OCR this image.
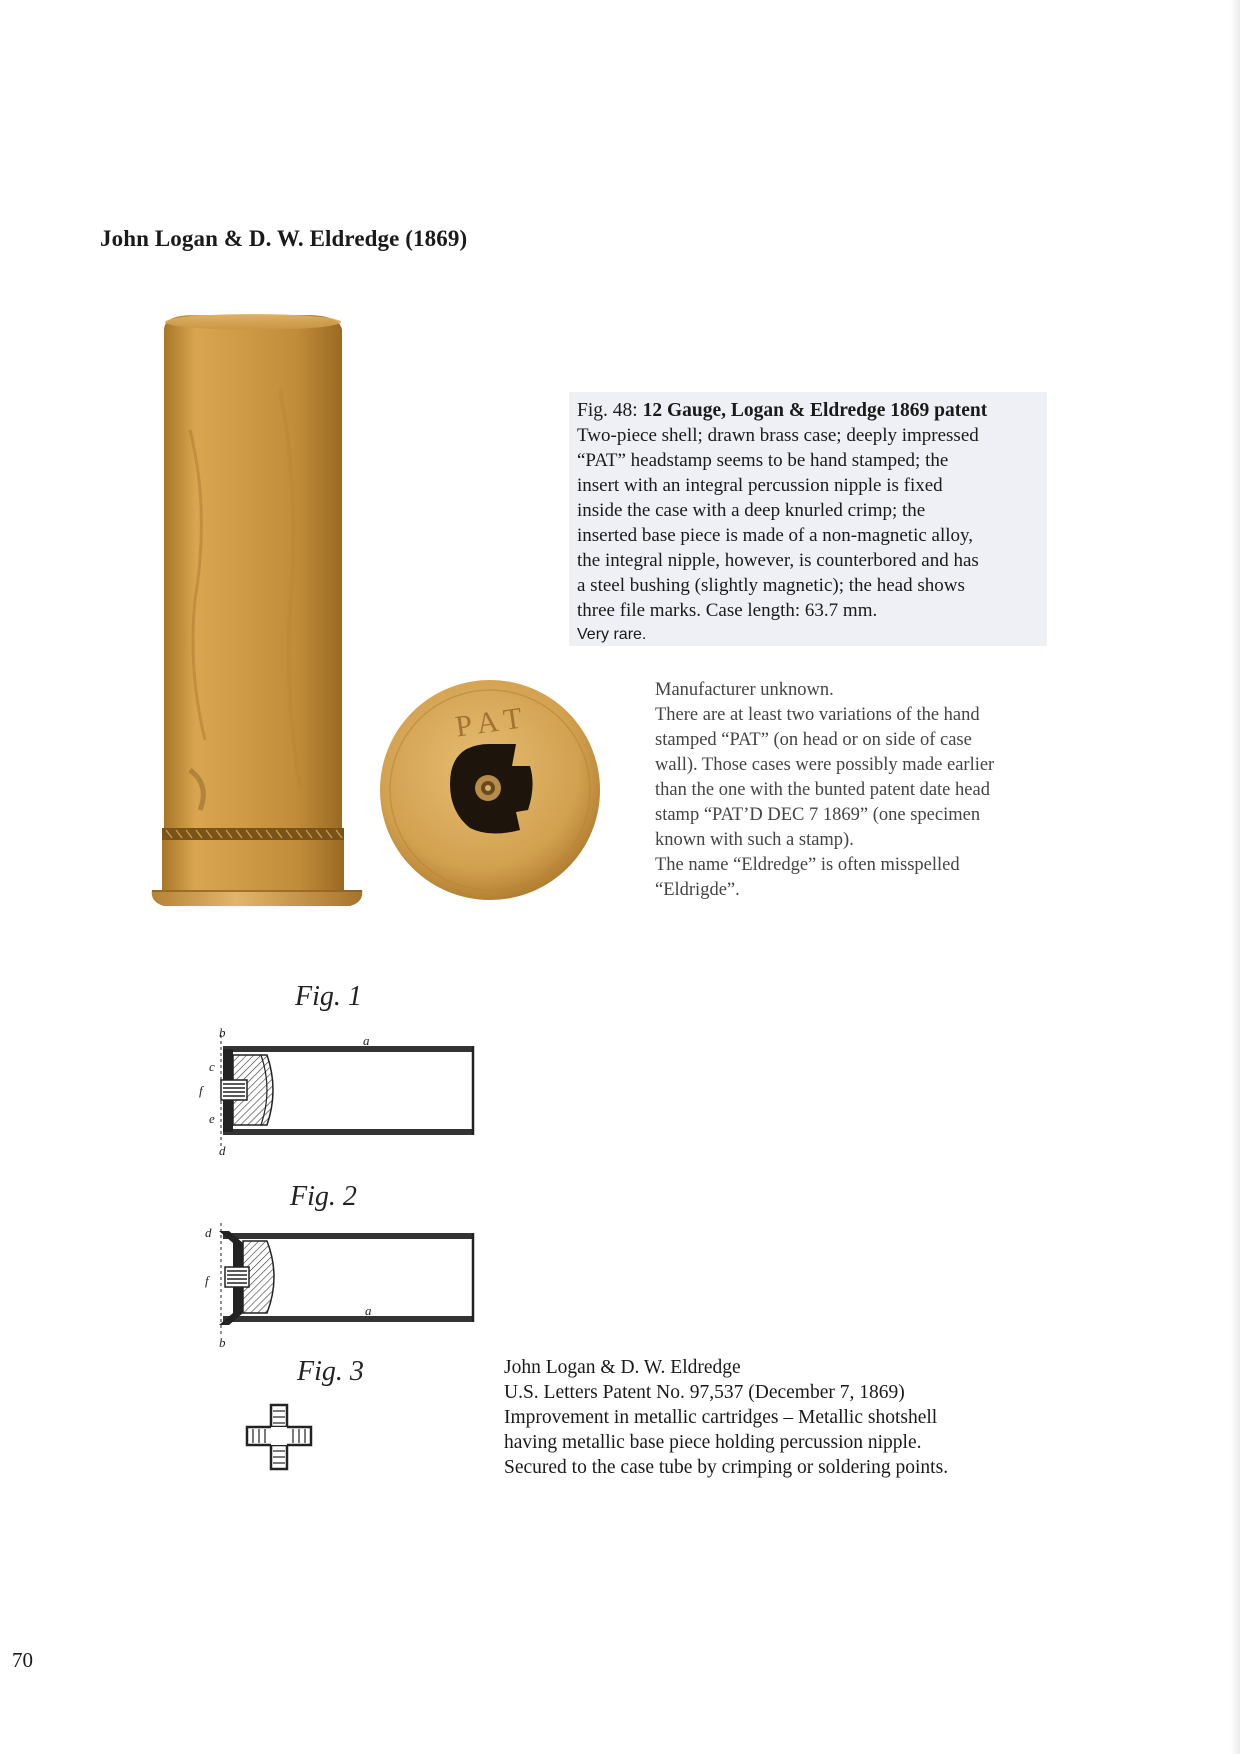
John Logan & D. W. Eldredge (1869)
P A T
Fig. 48: 12 Gauge, Logan & Eldredge 1869 patent
Two-piece shell; drawn brass case; deeply impressed
“PAT” headstamp seems to be hand stamped; the
insert with an integral percussion nipple is fixed
inside the case with a deep knurled crimp; the
inserted base piece is made of a non-magnetic alloy,
the integral nipple, however, is counterbored and has
a steel bushing (slightly magnetic); the head shows
three file marks. Case length: 63.7 mm.
Very rare.
Manufacturer unknown.
There are at least two variations of the hand
stamped “PAT” (on head or on side of case
wall). Those cases were possibly made earlier
than the one with the bunted patent date head
stamp “PAT’D DEC 7 1869” (one specimen
known with such a stamp).
The name “Eldredge” is often misspelled
“Eldrigde”.
Fig. 1
b
a
c
f
e
d
Fig. 2
d
f
a
b
Fig. 3	John Logan & D. W. Eldredge
U.S. Letters Patent No. 97,537 (December 7, 1869)
Improvement in metallic cartridges – Metallic shotshell
having metallic base piece holding percussion nipple.
Secured to the case tube by crimping or soldering points.
70
